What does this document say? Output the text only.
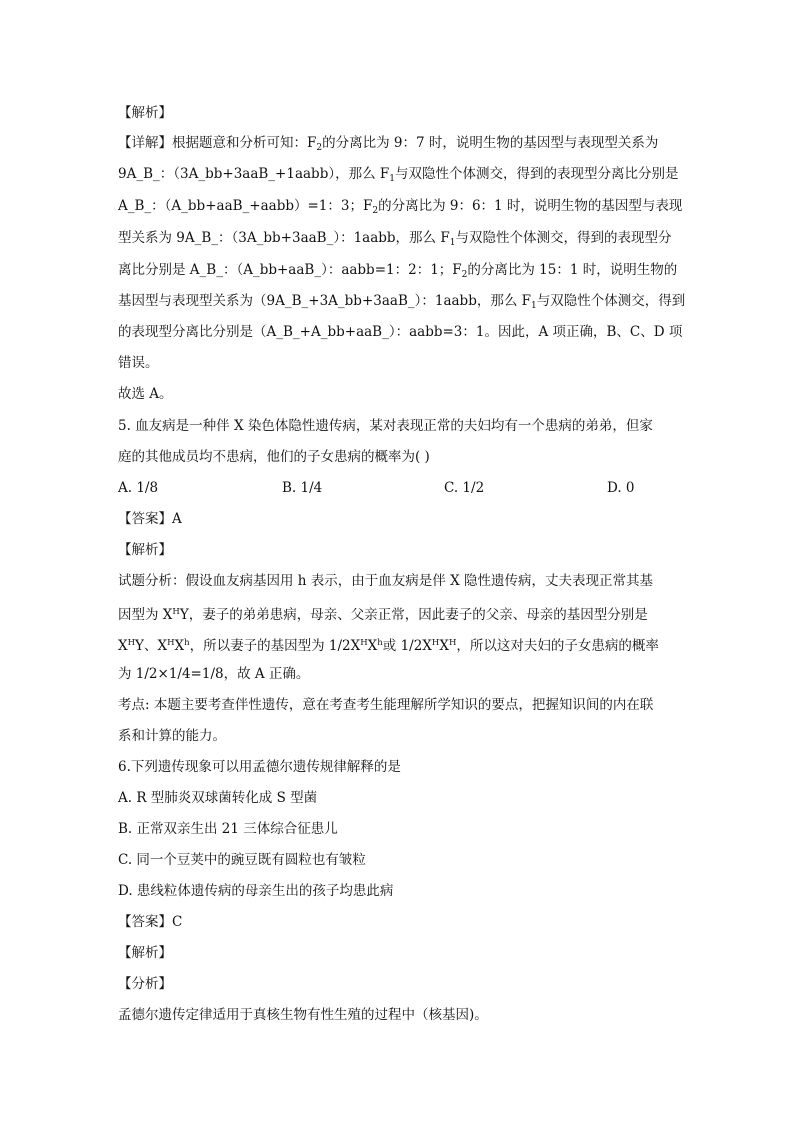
【解析】
【详解】根据题意和分析可知：$F_2$的分离比为 9：7 时，说明生物的基因型与表现型关系为
9A_B_：（3A_bb+3aaB_+1aabb），那么 $F_1$与双隐性个体测交，得到的表现型分离比分别是
A_B_：（A_bb+aaB_+aabb）=1：3；$F_2$的分离比为 9：6：1 时，说明生物的基因型与表现
型关系为 9A_B_：（3A_bb+3aaB_）：1aabb，那么 $F_1$与双隐性个体测交，得到的表现型分
离比分别是 A_B_：（A_bb+aaB_）：aabb=1：2：1；$F_2$的分离比为 15：1 时，说明生物的
基因型与表现型关系为（9A_B_+3A_bb+3aaB_）：1aabb，那么 $F_1$与双隐性个体测交，得到
的表现型分离比分别是（A_B_+A_bb+aaB_）：aabb=3：1。因此，A 项正确，B、C、D 项
错误。
故选 A。
5. 血友病是一种伴 X 染色体隐性遗传病，某对表现正常的夫妇均有一个患病的弟弟，但家
庭的其他成员均不患病，他们的子女患病的概率为( )
A. 1/8	B. 1/4	C. 1/2	D. 0
【答案】A
【解析】
试题分析：假设血友病基因用 h 表示，由于血友病是伴 X 隐性遗传病，丈夫表现正常其基
因型为 $X^HY$，妻子的弟弟患病，母亲、父亲正常，因此妻子的父亲、母亲的基因型分别是
$X^HY$、$X^HX^h$，所以妻子的基因型为 $1/2X^HX^h$或 $1/2X^HX^H$，所以这对夫妇的子女患病的概率
为 1/2×1/4=1/8，故 A 正确。
考点: 本题主要考查伴性遗传，意在考查考生能理解所学知识的要点，把握知识间的内在联
系和计算的能力。
6.下列遗传现象可以用孟德尔遗传规律解释的是
A. R 型肺炎双球菌转化成 S 型菌
B. 正常双亲生出 21 三体综合征患儿
C. 同一个豆荚中的豌豆既有圆粒也有皱粒
D. 患线粒体遗传病的母亲生出的孩子均患此病
【答案】C
【解析】
【分析】
孟德尔遗传定律适用于真核生物有性生殖的过程中（核基因)。
